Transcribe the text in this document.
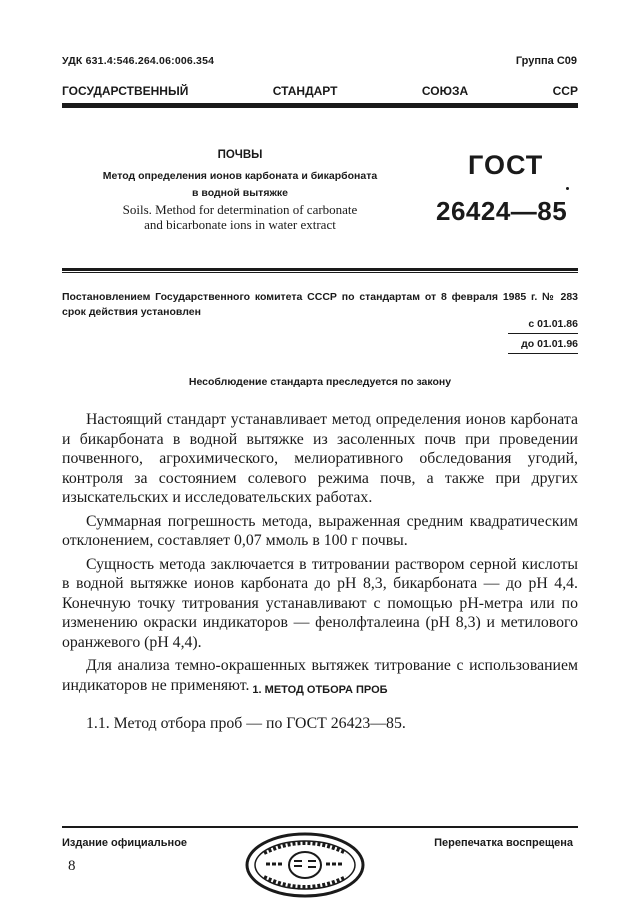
УДК 631.4:546.264.06:006.354	Группа С09
ГОСУДАРСТВЕННЫЙ	СТАНДАРТ	СОЮЗА	ССР
ПОЧВЫ
Метод определения ионов карбоната и бикарбоната
в водной вытяжке
Soils. Method for determination of carbonate
and bicarbonate ions in water extract
ГОСТ
26424—85
Постановлением Государственного комитета СССР по стандартам от 8 февраля 1985 г. № 283 срок действия установлен
с 01.01.86
до 01.01.96
Несоблюдение стандарта преследуется по закону

Настоящий стандарт устанавливает метод определения ионов карбоната и бикарбоната в водной вытяжке из засоленных почв при проведении почвенного, агрохимического, мелиоративного обследования угодий, контроля за состоянием солевого режима почв, а также при других изыскательских и исследовательских работах.

Суммарная погрешность метода, выраженная средним квадратическим отклонением, составляет 0,07 ммоль в 100 г почвы.

Сущность метода заключается в титровании раствором серной кислоты в водной вытяжке ионов карбоната до рН 8,3, бикарбоната — до рН 4,4. Конечную точку титрования устанавливают с помощью рН-метра или по изменению окраски индикаторов — фенолфталеина (рН 8,3) и метилового оранжевого (рН 4,4).

Для анализа темно-окрашенных вытяжек титрование с использованием индикаторов не применяют. 1. МЕТОД ОТБОРА ПРОБ
1.1. Метод отбора проб — по ГОСТ 26423—85.
Издание официальное	Перепечатка воспрещена
8
